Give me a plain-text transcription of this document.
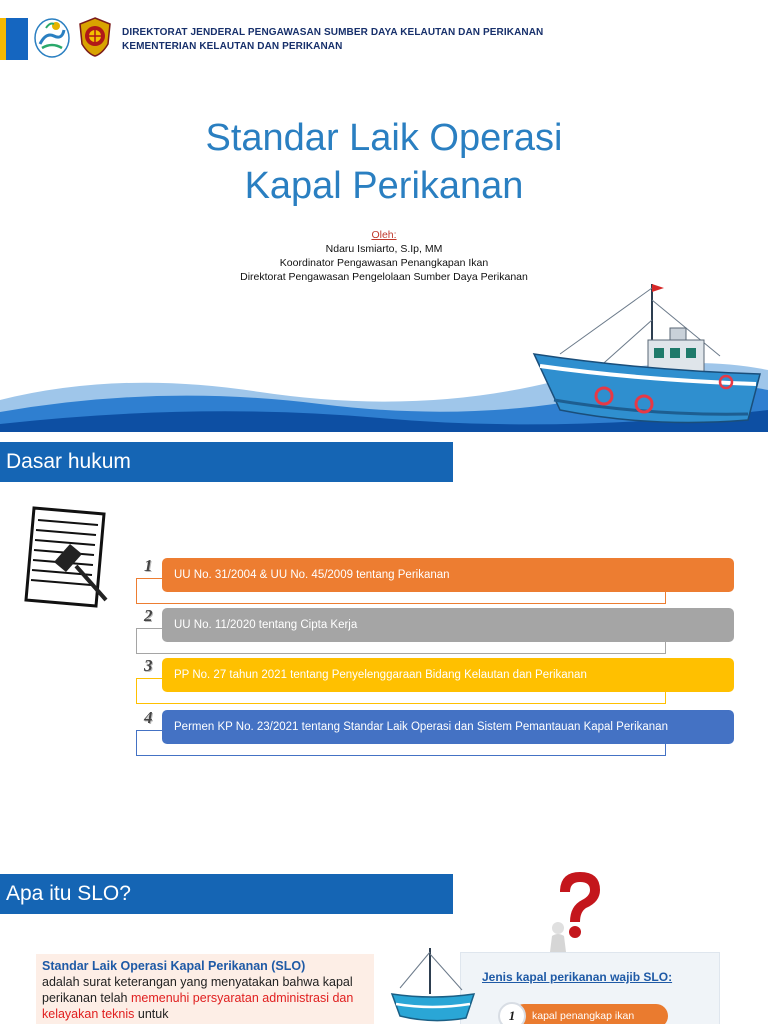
DIREKTORAT JENDERAL PENGAWASAN SUMBER DAYA KELAUTAN DAN PERIKANAN
KEMENTERIAN KELAUTAN DAN PERIKANAN
Standar Laik Operasi
Kapal Perikanan
Oleh:
Ndaru Ismiarto, S.Ip, MM
Koordinator Pengawasan Penangkapan Ikan
Direktorat Pengawasan Pengelolaan Sumber Daya Perikanan
Dasar hukum
UU No. 31/2004 & UU No. 45/2009 tentang Perikanan
1
UU No. 11/2020 tentang Cipta Kerja
2
PP No. 27 tahun 2021 tentang Penyelenggaraan Bidang Kelautan dan Perikanan
3
Permen KP No. 23/2021 tentang Standar Laik Operasi dan Sistem Pemantauan Kapal Perikanan
4
Apa itu SLO?
Standar Laik Operasi Kapal Perikanan (SLO)
adalah surat keterangan yang menyatakan bahwa kapal perikanan telah memenuhi persyaratan administrasi dan kelayakan teknis untuk
Jenis kapal perikanan wajib SLO:
kapal penangkap ikan
1
